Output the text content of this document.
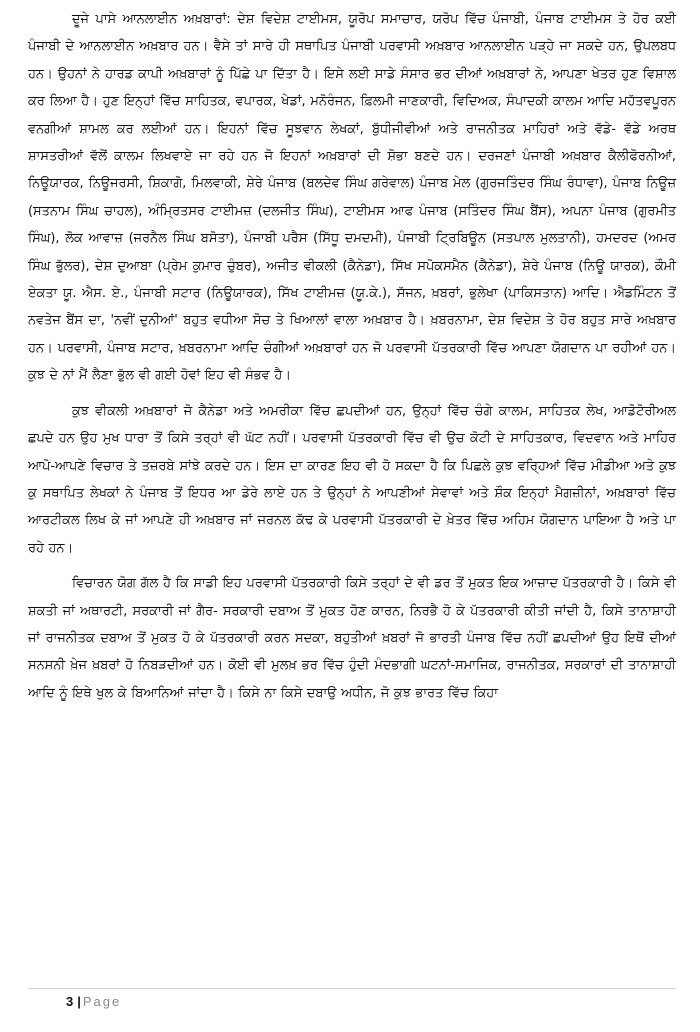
ਦੂਜੇ ਪਾਸੇ ਆਨਲਾਈਨ ਅਖ਼ਬਾਰਾਂ: ਦੇਸ਼ ਵਿਦੇਸ਼ ਟਾਈਮਸ, ਯੂਰੋਪ ਸਮਾਚਾਰ, ਯਰੋਪ ਵਿੱਚ ਪੰਜਾਬੀ, ਪੰਜਾਬ ਟਾਈਮਸ ਤੇ ਹੋਰ ਕਈ ਪੰਜਾਬੀ ਦੇ ਆਨਲਾਈਨ ਅਖ਼ਬਾਰ ਹਨ। ਵੈਸੇ ਤਾਂ ਸਾਰੇ ਹੀ ਸਥਾਪਿਤ ਪੰਜਾਬੀ ਪਰਵਾਸੀ ਅਖ਼ਬਾਰ ਆਨਲਾਈਨ ਪੜ੍ਹੇ ਜਾ ਸਕਦੇ ਹਨ, ਉਪਲਬਧ ਹਨ। ਉਹਨਾਂ ਨੇ ਹਾਰਡ ਕਾਪੀ ਅਖ਼ਬਾਰਾਂ ਨੂੰ ਪਿੱਛੇ ਪਾ ਦਿੱਤਾ ਹੈ। ਇਸੇ ਲਈ ਸਾਡੇ ਸੰਸਾਰ ਭਰ ਦੀਆਂ ਅਖ਼ਬਾਰਾਂ ਨੇ, ਆਪਣਾ ਖੇਤਰ ਹੁਣ ਵਿਸ਼ਾਲ ਕਰ ਲਿਆ ਹੈ। ਹੁਣ ਇਨ੍ਹਾਂ ਵਿੱਚ ਸਾਹਿਤਕ, ਵਪਾਰਕ, ਖੇਡਾਂ, ਮਨੋਰੰਜਨ, ਫ਼ਿਲਮੀ ਜਾਣਕਾਰੀ, ਵਿਦਿਅਕ, ਸੰਪਾਦਕੀ ਕਾਲਮ ਆਦਿ ਮਹੱਤਵਪੂਰਨ ਵਨਗੀਆਂ ਸ਼ਾਮਲ ਕਰ ਲਈਆਂ ਹਨ। ਇਹਨਾਂ ਵਿੱਚ ਸੂਝਵਾਨ ਲੇਖਕਾਂ, ਬੁੱਧੀਜੀਵੀਆਂ ਅਤੇ ਰਾਜਨੀਤਕ ਮਾਹਿਰਾਂ ਅਤੇ ਵੱਡੇ- ਵੱਡੇ ਅਰਥ ਸ਼ਾਸਤਰੀਆਂ ਵੱਲੋਂ ਕਾਲਮ ਲਿਖਵਾਏ ਜਾ ਰਹੇ ਹਨ ਜੋ ਇਹਨਾਂ ਅਖ਼ਬਾਰਾਂ ਦੀ ਸ਼ੋਭਾ ਬਣਦੇ ਹਨ। ਦਰਜਣਾਂ ਪੰਜਾਬੀ ਅਖ਼ਬਾਰ ਕੈਲੀਫੋਰਨੀਆਂ, ਨਿਊਯਾਰਕ, ਨਿਊਜਰਸੀ, ਸ਼ਿਕਾਗੋ, ਮਿਲਵਾਕੀ, ਸ਼ੇਰੇ ਪੰਜਾਬ (ਬਲਦੇਵ ਸਿੰਘ ਗਰੇਵਾਲ) ਪੰਜਾਬ ਮੇਲ (ਗੁਰਜਤਿੰਦਰ ਸਿੰਘ ਰੰਧਾਵਾ), ਪੰਜਾਬ ਨਿਊਜ਼ (ਸਤਨਾਮ ਸਿੰਘ ਚਾਹਲ), ਅੰਮ੍ਰਿਤਸਰ ਟਾਈਮਜ਼ (ਦਲਜੀਤ ਸਿੰਘ), ਟਾਈਮਸ ਆਫ ਪੰਜਾਬ (ਸਤਿੰਦਰ ਸਿੰਘ ਬੈਂਸ), ਅਪਨਾ ਪੰਜਾਬ (ਗੁਰਮੀਤ ਸਿੰਘ), ਲੋਕ ਆਵਾਜ਼ (ਜਰਨੈਲ ਸਿੰਘ ਬਸੋਤਾ), ਪੰਜਾਬੀ ਪਰੈਸ (ਸਿੱਧੂ ਦਮਦਮੀ), ਪੰਜਾਬੀ ਟ੍ਰਿਬਿਊਨ (ਸਤਪਾਲ ਮੁਲਤਾਨੀ), ਹਮਦਰਦ (ਅਮਰ ਸਿੰਘ ਭੁੱਲਰ), ਦੇਸ਼ ਦੁਆਬਾ (ਪ੍ਰੇਮ ਕੁਮਾਰ ਚੁੰਬਰ), ਅਜੀਤ ਵੀਕਲੀ (ਕੈਨੇਡਾ), ਸਿੱਖ ਸਪੋਕਸਮੈਨ (ਕੈਨੇਡਾ), ਸ਼ੇਰੇ ਪੰਜਾਬ (ਨਿਊ ਯਾਰਕ), ਕੌਮੀ ਏਕਤਾ ਯੂ. ਐਸ. ਏ., ਪੰਜਾਬੀ ਸਟਾਰ (ਨਿਊਯਾਰਕ), ਸਿੱਖ ਟਾਈਮਜ਼ (ਯੂ.ਕੇ.), ਸੱਜਨ, ਖ਼ਬਰਾਂ, ਭੁਲੇਖਾ (ਪਾਕਿਸਤਾਨ) ਆਦਿ। ਐਡਮਿੰਟਨ ਤੋਂ ਨਵਤੇਜ ਬੈਂਸ ਦਾ, 'ਨਵੀਂ ਦੁਨੀਆਂ' ਬਹੁਤ ਵਧੀਆ ਸੋਚ ਤੇ ਖਿਆਲਾਂ ਵਾਲਾ ਅਖ਼ਬਾਰ ਹੈ। ਖ਼ਬਰਨਾਮਾ, ਦੇਸ਼ ਵਿਦੇਸ਼ ਤੇ ਹੋਰ ਬਹੁਤ ਸਾਰੇ ਅਖ਼ਬਾਰ ਹਨ। ਪਰਵਾਸੀ, ਪੰਜਾਬ ਸਟਾਰ, ਖ਼ਬਰਨਾਮਾ ਆਦਿ ਚੰਗੀਆਂ ਅਖ਼ਬਾਰਾਂ ਹਨ ਜੋ ਪਰਵਾਸੀ ਪੱਤਰਕਾਰੀ ਵਿੱਚ ਆਪਣਾ ਯੋਗਦਾਨ ਪਾ ਰਹੀਆਂ ਹਨ। ਕੁਝ ਦੇ ਨਾਂ ਮੈਂ ਲੈਣਾ ਭੁੱਲ ਵੀ ਗਈ ਹੋਵਾਂ ਇਹ ਵੀ ਸੰਭਵ ਹੈ।

ਕੁਝ ਵੀਕਲੀ ਅਖ਼ਬਾਰਾਂ ਜੋ ਕੈਨੇਡਾ ਅਤੇ ਅਮਰੀਕਾ ਵਿੱਚ ਛਪਦੀਆਂ ਹਨ, ਉਨ੍ਹਾਂ ਵਿੱਚ ਚੰਗੇ ਕਾਲਮ, ਸਾਹਿਤਕ ਲੇਖ, ਆਡੋਟੋਰੀਅਲ ਛਪਦੇ ਹਨ ਉਹ ਮੁਖ ਧਾਰਾ ਤੋਂ ਕਿਸੇ ਤਰ੍ਹਾਂ ਵੀ ਘੱਟ ਨਹੀਂ। ਪਰਵਾਸੀ ਪੱਤਰਕਾਰੀ ਵਿੱਚ ਵੀ ਉਚ ਕੋਟੀ ਦੇ ਸਾਹਿਤਕਾਰ, ਵਿਦਵਾਨ ਅਤੇ ਮਾਹਿਰ ਆਪੋ-ਆਪਣੇ ਵਿਚਾਰ ਤੇ ਤਜ਼ਰਬੇ ਸਾਂਝੇ ਕਰਦੇ ਹਨ। ਇਸ ਦਾ ਕਾਰਣ ਇਹ ਵੀ ਹੋ ਸਕਦਾ ਹੈ ਕਿ ਪਿਛਲੇ ਕੁਝ ਵਰ੍ਹਿਆਂ ਵਿੱਚ ਮੀਡੀਆ ਅਤੇ ਕੁਝ ਕੁ ਸਥਾਪਿਤ ਲੇਖਕਾਂ ਨੇ ਪੰਜਾਬ ਤੋਂ ਇਧਰ ਆ ਡੇਰੇ ਲਾਏ ਹਨ ਤੇ ਉਨ੍ਹਾਂ ਨੇ ਆਪਣੀਆਂ ਸੇਵਾਵਾਂ ਅਤੇ ਸ਼ੌਕ ਇਨ੍ਹਾਂ ਮੈਗਜ਼ੀਨਾਂ, ਅਖ਼ਬਾਰਾਂ ਵਿੱਚ ਆਰਟੀਕਲ ਲਿਖ ਕੇ ਜਾਂ ਆਪਣੇ ਹੀ ਅਖ਼ਬਾਰ ਜਾਂ ਜਰਨਲ ਕੱਢ ਕੇ ਪਰਵਾਸੀ ਪੱਤਰਕਾਰੀ ਦੇ ਖ਼ੇਤਰ ਵਿੱਚ ਅਹਿਮ ਯੋਗਦਾਨ ਪਾਇਆ ਹੈ ਅਤੇ ਪਾ ਰਹੇ ਹਨ।

ਵਿਚਾਰਨ ਯੋਗ ਗੱਲ ਹੈ ਕਿ ਸਾਡੀ ਇਹ ਪਰਵਾਸੀ ਪੱਤਰਕਾਰੀ ਕਿਸੇ ਤਰ੍ਹਾਂ ਦੇ ਵੀ ਡਰ ਤੋਂ ਮੁਕਤ ਇਕ ਆਜ਼ਾਦ ਪੱਤਰਕਾਰੀ ਹੈ। ਕਿਸੇ ਵੀ ਸ਼ਕਤੀ ਜਾਂ ਅਥਾਰਟੀ, ਸਰਕਾਰੀ ਜਾਂ ਗੈਰ- ਸਰਕਾਰੀ ਦਬਾਅ ਤੋਂ ਮੁਕਤ ਹੋਣ ਕਾਰਨ, ਨਿਰਭੈ ਹੋ ਕੇ ਪੱਤਰਕਾਰੀ ਕੀਤੀ ਜਾਂਦੀ ਹੈ, ਕਿਸੇ ਤਾਨਾਸ਼ਾਹੀ ਜਾਂ ਰਾਜਨੀਤਕ ਦਬਾਅ ਤੋਂ ਮੁਕਤ ਹੋ ਕੇ ਪੱਤਰਕਾਰੀ ਕਰਨ ਸਦਕਾ, ਬਹੁਤੀਆਂ ਖ਼ਬਰਾਂ ਜੋ ਭਾਰਤੀ ਪੰਜਾਬ ਵਿੱਚ ਨਹੀਂ ਛਪਦੀਆਂ ਉਹ ਇਥੋਂ ਦੀਆਂ ਸਨਸਨੀ ਖ਼ੇਜ ਖ਼ਬਰਾਂ ਹੋ ਨਿਬੜਦੀਆਂ ਹਨ। ਕੋਈ ਵੀ ਮੁਲਖ਼ ਭਰ ਵਿੱਚ ਹੁੰਦੀ ਮੰਦਭਾਗੀ ਘਟਨਾਂ-ਸਮਾਜਿਕ, ਰਾਜਨੀਤਕ, ਸਰਕਾਰਾਂ ਦੀ ਤਾਨਾਸ਼ਾਹੀ ਆਦਿ ਨੂੰ ਇਥੇ ਖੁਲ ਕੇ ਬਿਆਨਿਆਂ ਜਾਂਦਾ ਹੈ। ਕਿਸੇ ਨਾ ਕਿਸੇ ਦਬਾਉ ਅਧੀਨ, ਜੋ ਕੁਝ ਭਾਰਤ ਵਿੱਚ ਕਿਹਾ

3 | Page
